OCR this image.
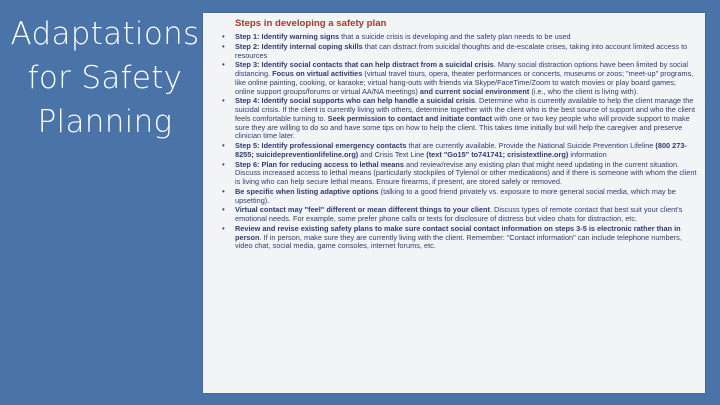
Adaptations
for Safety
Planning
Steps in developing a safety plan
• Step 1: Identify warning signs that a suicide crisis is developing and the safety plan needs to be used
• Step 2: Identify internal coping skills that can distract from suicidal thoughts and de-escalate crises, taking into account limited access to resources
• Step 3: Identify social contacts that can help distract from a suicidal crisis. Many social distraction options have been limited by social distancing. Focus on virtual activities (virtual travel tours, opera, theater performances or concerts, museums or zoos; "meet-up" programs, like online painting, cooking, or karaoke; virtual hang-outs with friends via Skype/FaceTime/Zoom to watch movies or play board games; online support groups/forums or virtual AA/NA meetings) and current social environment (i.e., who the client is living with).
• Step 4: Identify social supports who can help handle a suicidal crisis. Determine who is currently available to help the client manage the suicidal crisis. If the client is currently living with others, determine together with the client who is the best source of support and who the client feels comfortable turning to. Seek permission to contact and initiate contact with one or two key people who will provide support to make sure they are willing to do so and have some tips on how to help the client. This takes time initially but will help the caregiver and preserve clinician time later.
• Step 5: Identify professional emergency contacts that are currently available. Provide the National Suicide Prevention Lifeline (800 273-8255; suicidepreventionlifeline.org) and Crisis Text Line (text "Go15" to741741; crisistextline.org) information
• Step 6: Plan for reducing access to lethal means and review/revise any existing plan that might need updating in the current situation. Discuss increased access to lethal means (particularly stockpiles of Tylenol or other medications) and if there is someone with whom the client is living who can help secure lethal means. Ensure firearms, if present, are stored safely or removed.
• Be specific when listing adaptive options (talking to a good friend privately vs. exposure to more general social media, which may be upsetting).
• Virtual contact may "feel" different or mean different things to your client. Discuss types of remote contact that best suit your client's emotional needs. For example, some prefer phone calls or texts for disclosure of distress but video chats for distraction, etc.
• Review and revise existing safety plans to make sure contact social contact information on steps 3-5 is electronic rather than in person. If in person, make sure they are currently living with the client. Remember: "Contact information" can include telephone numbers, video chat, social media, game consoles, internet forums, etc.
